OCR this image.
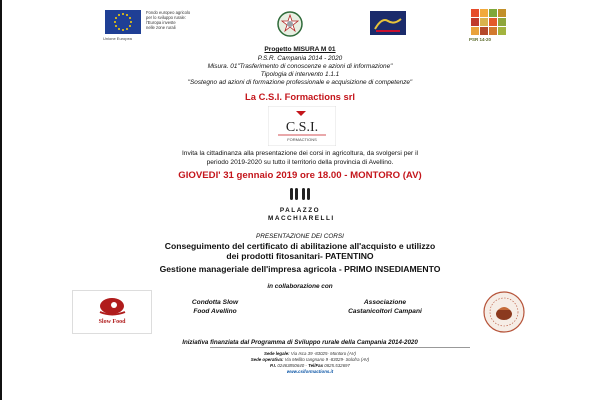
Unione Europea
Fondo europeo agricolo
per lo sviluppo rurale:
l'Europa investe
nelle zone rurali
PSR 14-20
Progetto MISURA M 01
P.S.R. Campania 2014 - 2020
Misura. 01"Trasferimento di conoscenze e azioni di informazione"
Tipologia di intervento 1.1.1
"Sostegno ad azioni di formazione professionale e acquisizione di competenze"
La C.S.I. Formactions srl
C.S.I.
FORMACTIONS
Invita la cittadinanza alla presentazione dei corsi in agricoltura, da svolgersi per il
periodo 2019-2020 su tutto il territorio della provincia di Avellino.
GIOVEDI' 31 gennaio 2019 ore 18.00 - MONTORO (AV)
PALAZZO
MACCHIARELLI
PRESENTAZIONE DEI CORSI
Conseguimento del certificato di abilitazione all'acquisto e utilizzo
dei prodotti fitosanitari- PATENTINO
Gestione manageriale dell'impresa agricola - PRIMO INSEDIAMENTO
in collaborazione con
Slow Food
Condotta Slow
Food Avellino
Associazione
Castanicoltori Campani
Iniziativa finanziata dal Programma di Sviluppo rurale della Campania 2014-2020
Sede legale: Via Isca 39 -83025- Montoro (AV)
Sede operativa: Via Mellito Iangnano 9 -83029- Solofra (AV)
P.I. 02463850640 - Tel/Fax 0825.532697
www.csiformactions.it
